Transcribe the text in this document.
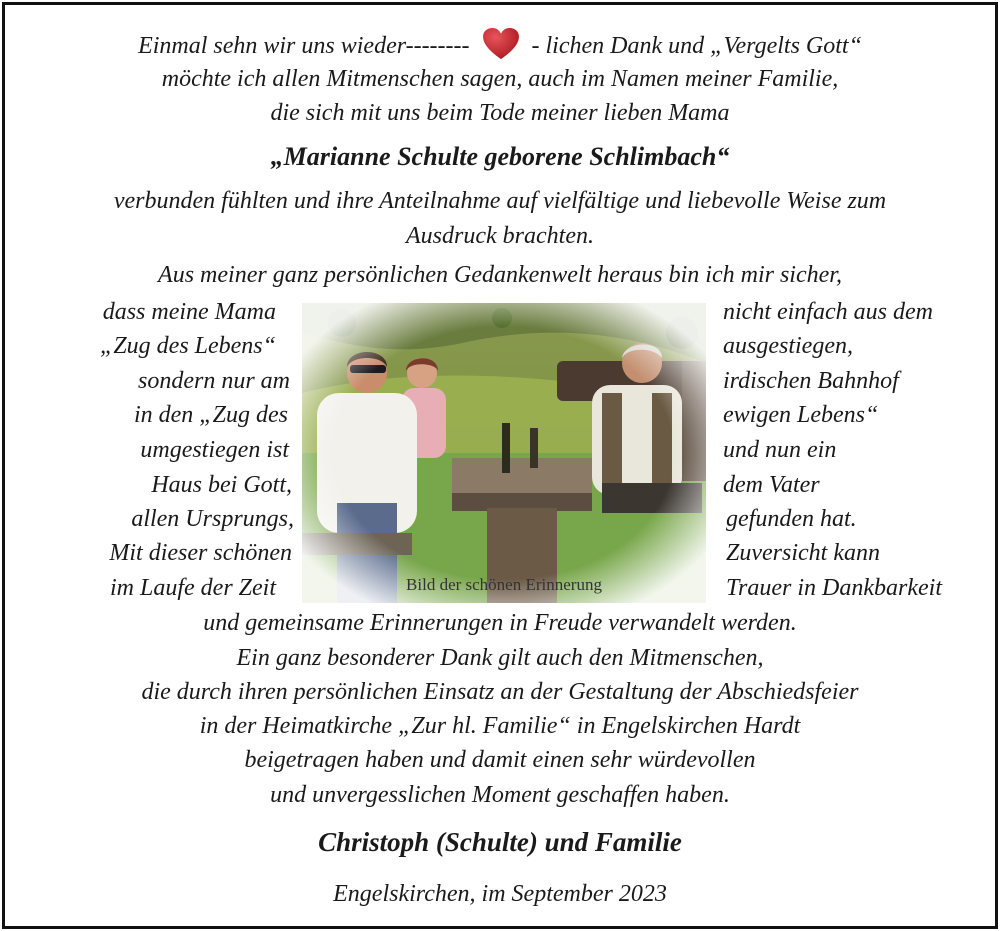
Einmal sehn wir uns wieder--------	- lichen Dank und „Vergelts Gott“
möchte ich allen Mitmenschen sagen, auch im Namen meiner Familie,
die sich mit uns beim Tode meiner lieben Mama
„Marianne Schulte geborene Schlimbach“
verbunden fühlten und ihre Anteilnahme auf vielfältige und liebevolle Weise zum
Ausdruck brachten.
Aus meiner ganz persönlichen Gedankenwelt heraus bin ich mir sicher,
dass meine Mama
„Zug des Lebens“
sondern nur am
in den „Zug des
umgestiegen ist
Haus bei Gott,
allen Ursprungs,
Mit dieser schönen
im Laufe der Zeit
nicht einfach aus dem
ausgestiegen,
irdischen Bahnhof
ewigen Lebens“
und nun ein
dem Vater
gefunden hat.
Zuversicht kann
Trauer in Dankbarkeit
Bild der schönen Erinnerung
und gemeinsame Erinnerungen in Freude verwandelt werden.
Ein ganz besonderer Dank gilt auch den Mitmenschen,
die durch ihren persönlichen Einsatz an der Gestaltung der Abschiedsfeier
in der Heimatkirche „Zur hl. Familie“ in Engelskirchen Hardt
beigetragen haben und damit einen sehr würdevollen
und unvergesslichen Moment geschaffen haben.
Christoph (Schulte) und Familie
Engelskirchen, im September 2023
